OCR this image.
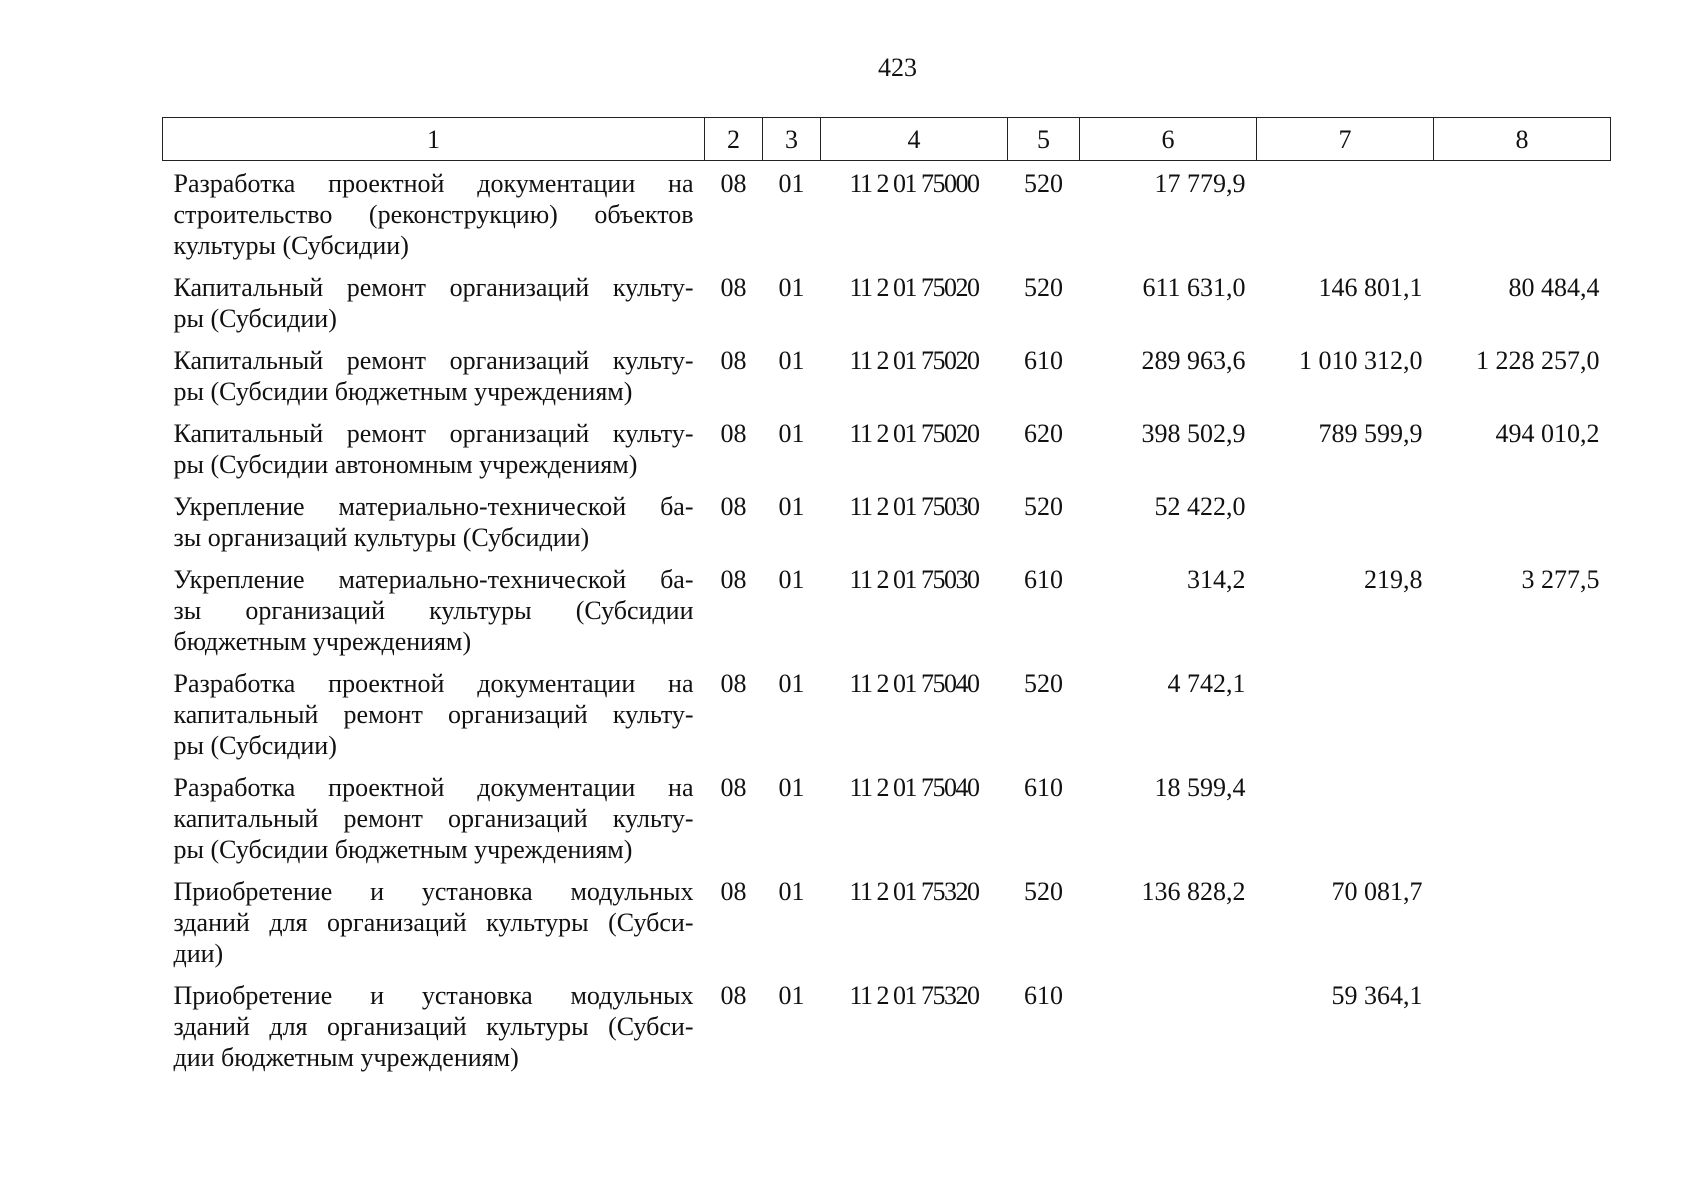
423
1	2	3	4	5	6	7	8

Разработка проектной документации на
строительство (реконструкцию) объектов
культуры (Субсидии)	08	01	11 2 01 75000	520	17 779,9		

Капитальный ремонт организаций культу-
ры (Субсидии)	08	01	11 2 01 75020	520	611 631,0	146 801,1	80 484,4

Капитальный ремонт организаций культу-
ры (Субсидии бюджетным учреждениям)	08	01	11 2 01 75020	610	289 963,6	1 010 312,0	1 228 257,0

Капитальный ремонт организаций культу-
ры (Субсидии автономным учреждениям)	08	01	11 2 01 75020	620	398 502,9	789 599,9	494 010,2

Укрепление материально-технической ба-
зы организаций культуры (Субсидии)	08	01	11 2 01 75030	520	52 422,0		

Укрепление материально-технической ба-
зы организаций культуры (Субсидии
бюджетным учреждениям)	08	01	11 2 01 75030	610	314,2	219,8	3 277,5

Разработка проектной документации на
капитальный ремонт организаций культу-
ры (Субсидии)	08	01	11 2 01 75040	520	4 742,1		

Разработка проектной документации на
капитальный ремонт организаций культу-
ры (Субсидии бюджетным учреждениям)	08	01	11 2 01 75040	610	18 599,4		

Приобретение и установка модульных
зданий для организаций культуры (Субси-
дии)	08	01	11 2 01 75320	520	136 828,2	70 081,7	

Приобретение и установка модульных
зданий для организаций культуры (Субси-
дии бюджетным учреждениям)	08	01	11 2 01 75320	610		59 364,1	
